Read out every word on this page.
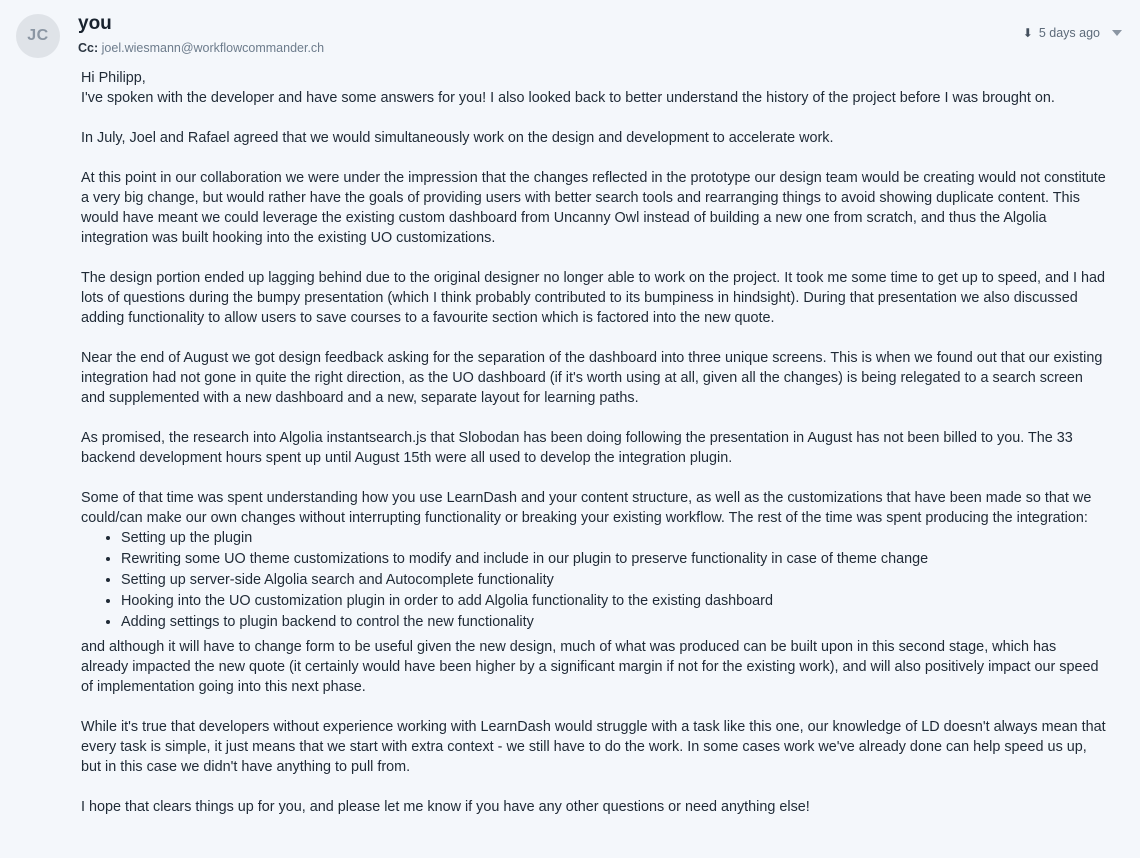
JC
you
Cc: joel.wiesmann@workflowcommander.ch
⬇ 5 days ago

Hi Philipp,

I've spoken with the developer and have some answers for you! I also looked back to better understand the history of the project before I was brought on.

In July, Joel and Rafael agreed that we would simultaneously work on the design and development to accelerate work.

At this point in our collaboration we were under the impression that the changes reflected in the prototype our design team would be creating would not constitute a very big change, but would rather have the goals of providing users with better search tools and rearranging things to avoid showing duplicate content. This would have meant we could leverage the existing custom dashboard from Uncanny Owl instead of building a new one from scratch, and thus the Algolia integration was built hooking into the existing UO customizations.

The design portion ended up lagging behind due to the original designer no longer able to work on the project. It took me some time to get up to speed, and I had lots of questions during the bumpy presentation (which I think probably contributed to its bumpiness in hindsight). During that presentation we also discussed adding functionality to allow users to save courses to a favourite section which is factored into the new quote.

Near the end of August we got design feedback asking for the separation of the dashboard into three unique screens. This is when we found out that our existing integration had not gone in quite the right direction, as the UO dashboard (if it's worth using at all, given all the changes) is being relegated to a search screen and supplemented with a new dashboard and a new, separate layout for learning paths.

As promised, the research into Algolia instantsearch.js that Slobodan has been doing following the presentation in August has not been billed to you. The 33 backend development hours spent up until August 15th were all used to develop the integration plugin.

Some of that time was spent understanding how you use LearnDash and your content structure, as well as the customizations that have been made so that we could/can make our own changes without interrupting functionality or breaking your existing workflow. The rest of the time was spent producing the integration:

• Setting up the plugin
• Rewriting some UO theme customizations to modify and include in our plugin to preserve functionality in case of theme change
• Setting up server-side Algolia search and Autocomplete functionality
• Hooking into the UO customization plugin in order to add Algolia functionality to the existing dashboard
• Adding settings to plugin backend to control the new functionality

and although it will have to change form to be useful given the new design, much of what was produced can be built upon in this second stage, which has already impacted the new quote (it certainly would have been higher by a significant margin if not for the existing work), and will also positively impact our speed of implementation going into this next phase.

While it's true that developers without experience working with LearnDash would struggle with a task like this one, our knowledge of LD doesn't always mean that every task is simple, it just means that we start with extra context - we still have to do the work. In some cases work we've already done can help speed us up, but in this case we didn't have anything to pull from.

I hope that clears things up for you, and please let me know if you have any other questions or need anything else!
